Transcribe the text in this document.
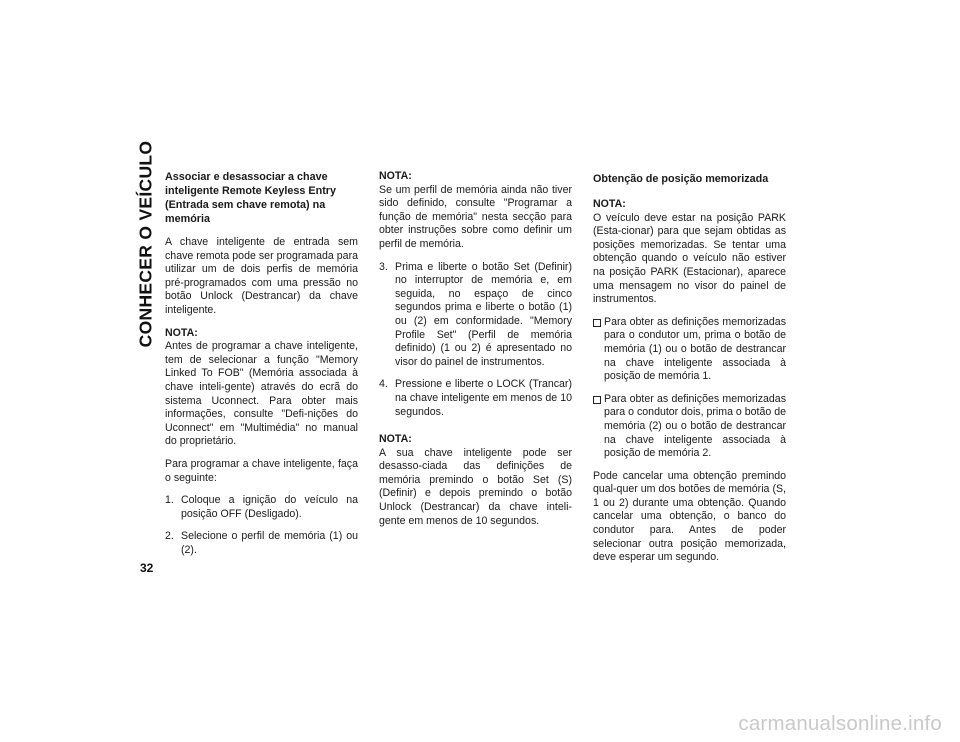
CONHECER O VEÍCULO Associar e desassociar a chave inteligente Remote Keyless Entry (Entrada sem chave remota) na memória

A chave inteligente de entrada sem chave remota pode ser programada para utilizar um de dois perfis de memória pré-programados com uma pressão no botão Unlock (Destrancar) da chave inteligente.

NOTA:
Antes de programar a chave inteligente, tem de selecionar a função "Memory Linked To FOB" (Memória associada à chave inteli-gente) através do ecrã do sistema Uconnect. Para obter mais informações, consulte "Defi-nições do Uconnect" em "Multimédia" no manual do proprietário.

Para programar a chave inteligente, faça o seguinte:

1. Coloque a ignição do veículo na posição OFF (Desligado).
2. Selecione o perfil de memória (1) ou (2).

NOTA:
Se um perfil de memória ainda não tiver sido definido, consulte "Programar a função de memória" nesta secção para obter instruções sobre como definir um perfil de memória.

3. Prima e liberte o botão Set (Definir) no interruptor de memória e, em seguida, no espaço de cinco segundos prima e liberte o botão (1) ou (2) em conformidade. "Memory Profile Set" (Perfil de memória definido) (1 ou 2) é apresentado no visor do painel de instrumentos.
4. Pressione e liberte o LOCK (Trancar) na chave inteligente em menos de 10 segundos.

NOTA:
A sua chave inteligente pode ser desasso-ciada das definições de memória premindo o botão Set (S) (Definir) e depois premindo o botão Unlock (Destrancar) da chave inteli-gente em menos de 10 segundos.

Obtenção de posição memorizada

NOTA:
O veículo deve estar na posição PARK (Esta-cionar) para que sejam obtidas as posições memorizadas. Se tentar uma obtenção quando o veículo não estiver na posição PARK (Estacionar), aparece uma mensagem no visor do painel de instrumentos.

Para obter as definições memorizadas para o condutor um, prima o botão de memória (1) ou o botão de destrancar na chave inteligente associada à posição de memória 1.
Para obter as definições memorizadas para o condutor dois, prima o botão de memória (2) ou o botão de destrancar na chave inteligente associada à posição de memória 2.

Pode cancelar uma obtenção premindo qual-quer um dos botões de memória (S, 1 ou 2) durante uma obtenção. Quando cancelar uma obtenção, o banco do condutor para. Antes de poder selecionar outra posição memorizada, deve esperar um segundo.

32
carmanualsonline.info
